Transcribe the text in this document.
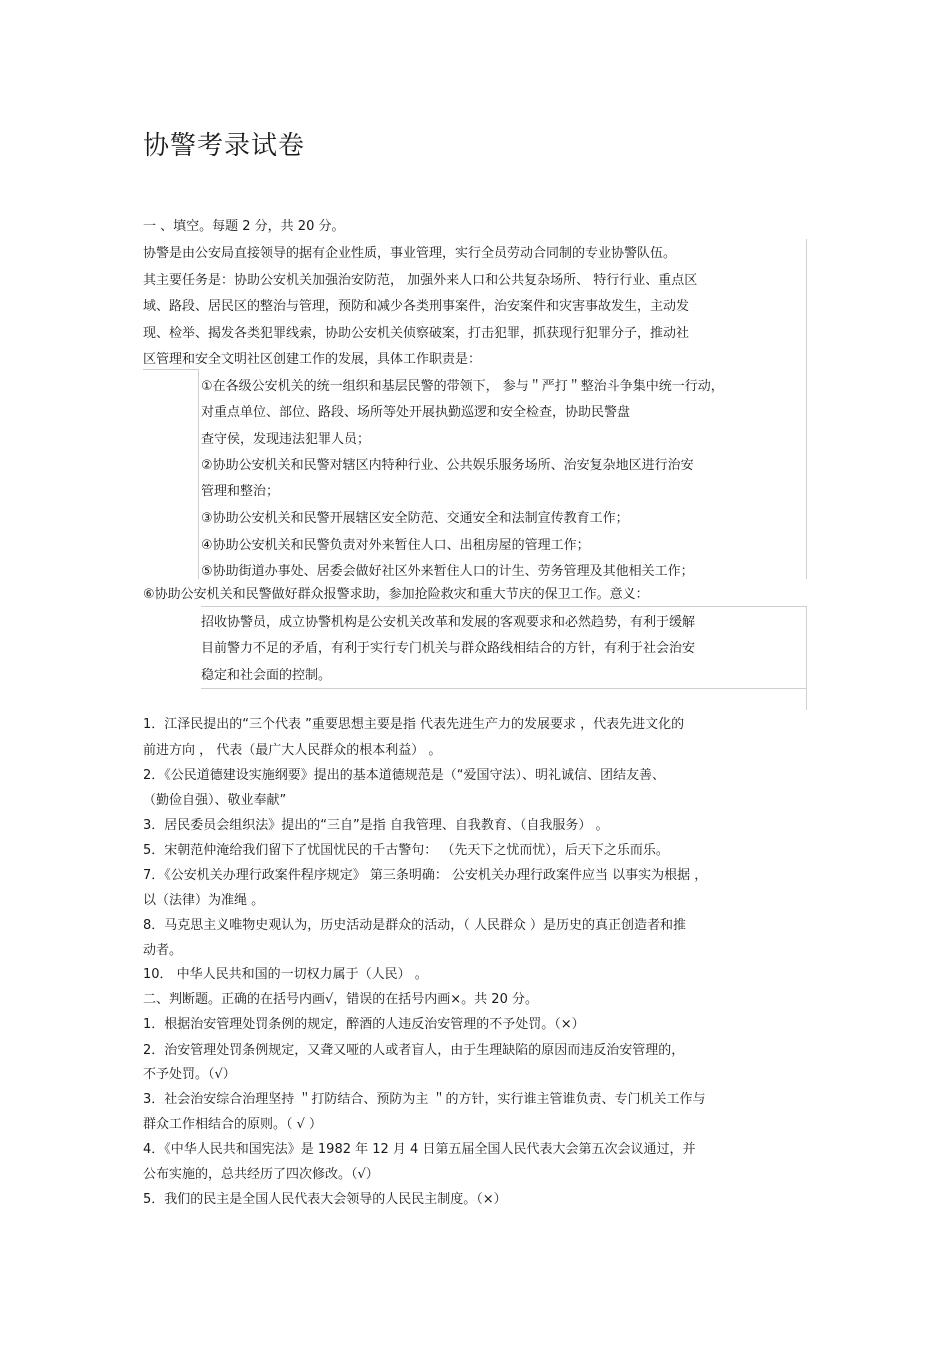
协警考录试卷
一 、填空。每题 2 分，共 20 分。
协警是由公安局直接领导的据有企业性质，事业管理，实行全员劳动合同制的专业协警队伍。
其主要任务是：协助公安机关加强治安防范， 加强外来人口和公共复杂场所、 特行行业、重点区
域、路段、居民区的整治与管理，预防和减少各类刑事案件，治安案件和灾害事故发生，主动发
现、检举、揭发各类犯罪线索，协助公安机关侦察破案，打击犯罪，抓获现行犯罪分子，推动社
区管理和安全文明社区创建工作的发展，具体工作职责是：
①在各级公安机关的统一组织和基层民警的带领下， 参与＂严打＂整治斗争集中统一行动，
对重点单位、部位、路段、场所等处开展执勤巡逻和安全检查，协助民警盘
查守侯，发现违法犯罪人员；
②协助公安机关和民警对辖区内特种行业、公共娱乐服务场所、治安复杂地区进行治安
管理和整治；
③协助公安机关和民警开展辖区安全防范、交通安全和法制宣传教育工作；
④协助公安机关和民警负责对外来暂住人口、出租房屋的管理工作；
⑤协助街道办事处、居委会做好社区外来暂住人口的计生、劳务管理及其他相关工作；
⑥协助公安机关和民警做好群众报警求助，参加抢险救灾和重大节庆的保卫工作。意义：
招收协警员，成立协警机构是公安机关改革和发展的客观要求和必然趋势，有利于缓解
目前警力不足的矛盾，有利于实行专门机关与群众路线相结合的方针，有利于社会治安
稳定和社会面的控制。
1．江泽民提出的“三个代表 ”重要思想主要是指 代表先进生产力的发展要求 ，代表先进文化的
前进方向 ， 代表（最广大人民群众的根本利益） 。
2．《公民道德建设实施纲要》提出的基本道德规范是（“爱国守法）、明礼诚信、团结友善、
（勤俭自强）、敬业奉献”
3．居民委员会组织法》提出的“三自”是指 自我管理、自我教育、（自我服务） 。
5．宋朝范仲淹给我们留下了忧国忧民的千古警句： （先天下之忧而忧），后天下之乐而乐。
7．《公安机关办理行政案件程序规定》 第三条明确： 公安机关办理行政案件应当 以事实为根据 ，
以（法律）为准绳 。
8．马克思主义唯物史观认为，历史活动是群众的活动，（ 人民群众 ）是历史的真正创造者和推
动者。
10． 中华人民共和国的一切权力属于（人民） 。
二、判断题。正确的在括号内画√，错误的在括号内画×。共 20 分。
1．根据治安管理处罚条例的规定，醉酒的人违反治安管理的不予处罚。（×）
2．治安管理处罚条例规定，又聋又哑的人或者盲人，由于生理缺陷的原因而违反治安管理的，
不予处罚。（√）
3．社会治安综合治理坚持 ＂打防结合、预防为主 ＂的方针，实行谁主管谁负责、专门机关工作与
群众工作相结合的原则。（ √ ）
4．《中华人民共和国宪法》是 1982 年 12 月 4 日第五届全国人民代表大会第五次会议通过，并
公布实施的，总共经历了四次修改。（√）
5．我们的民主是全国人民代表大会领导的人民民主制度。（×）
